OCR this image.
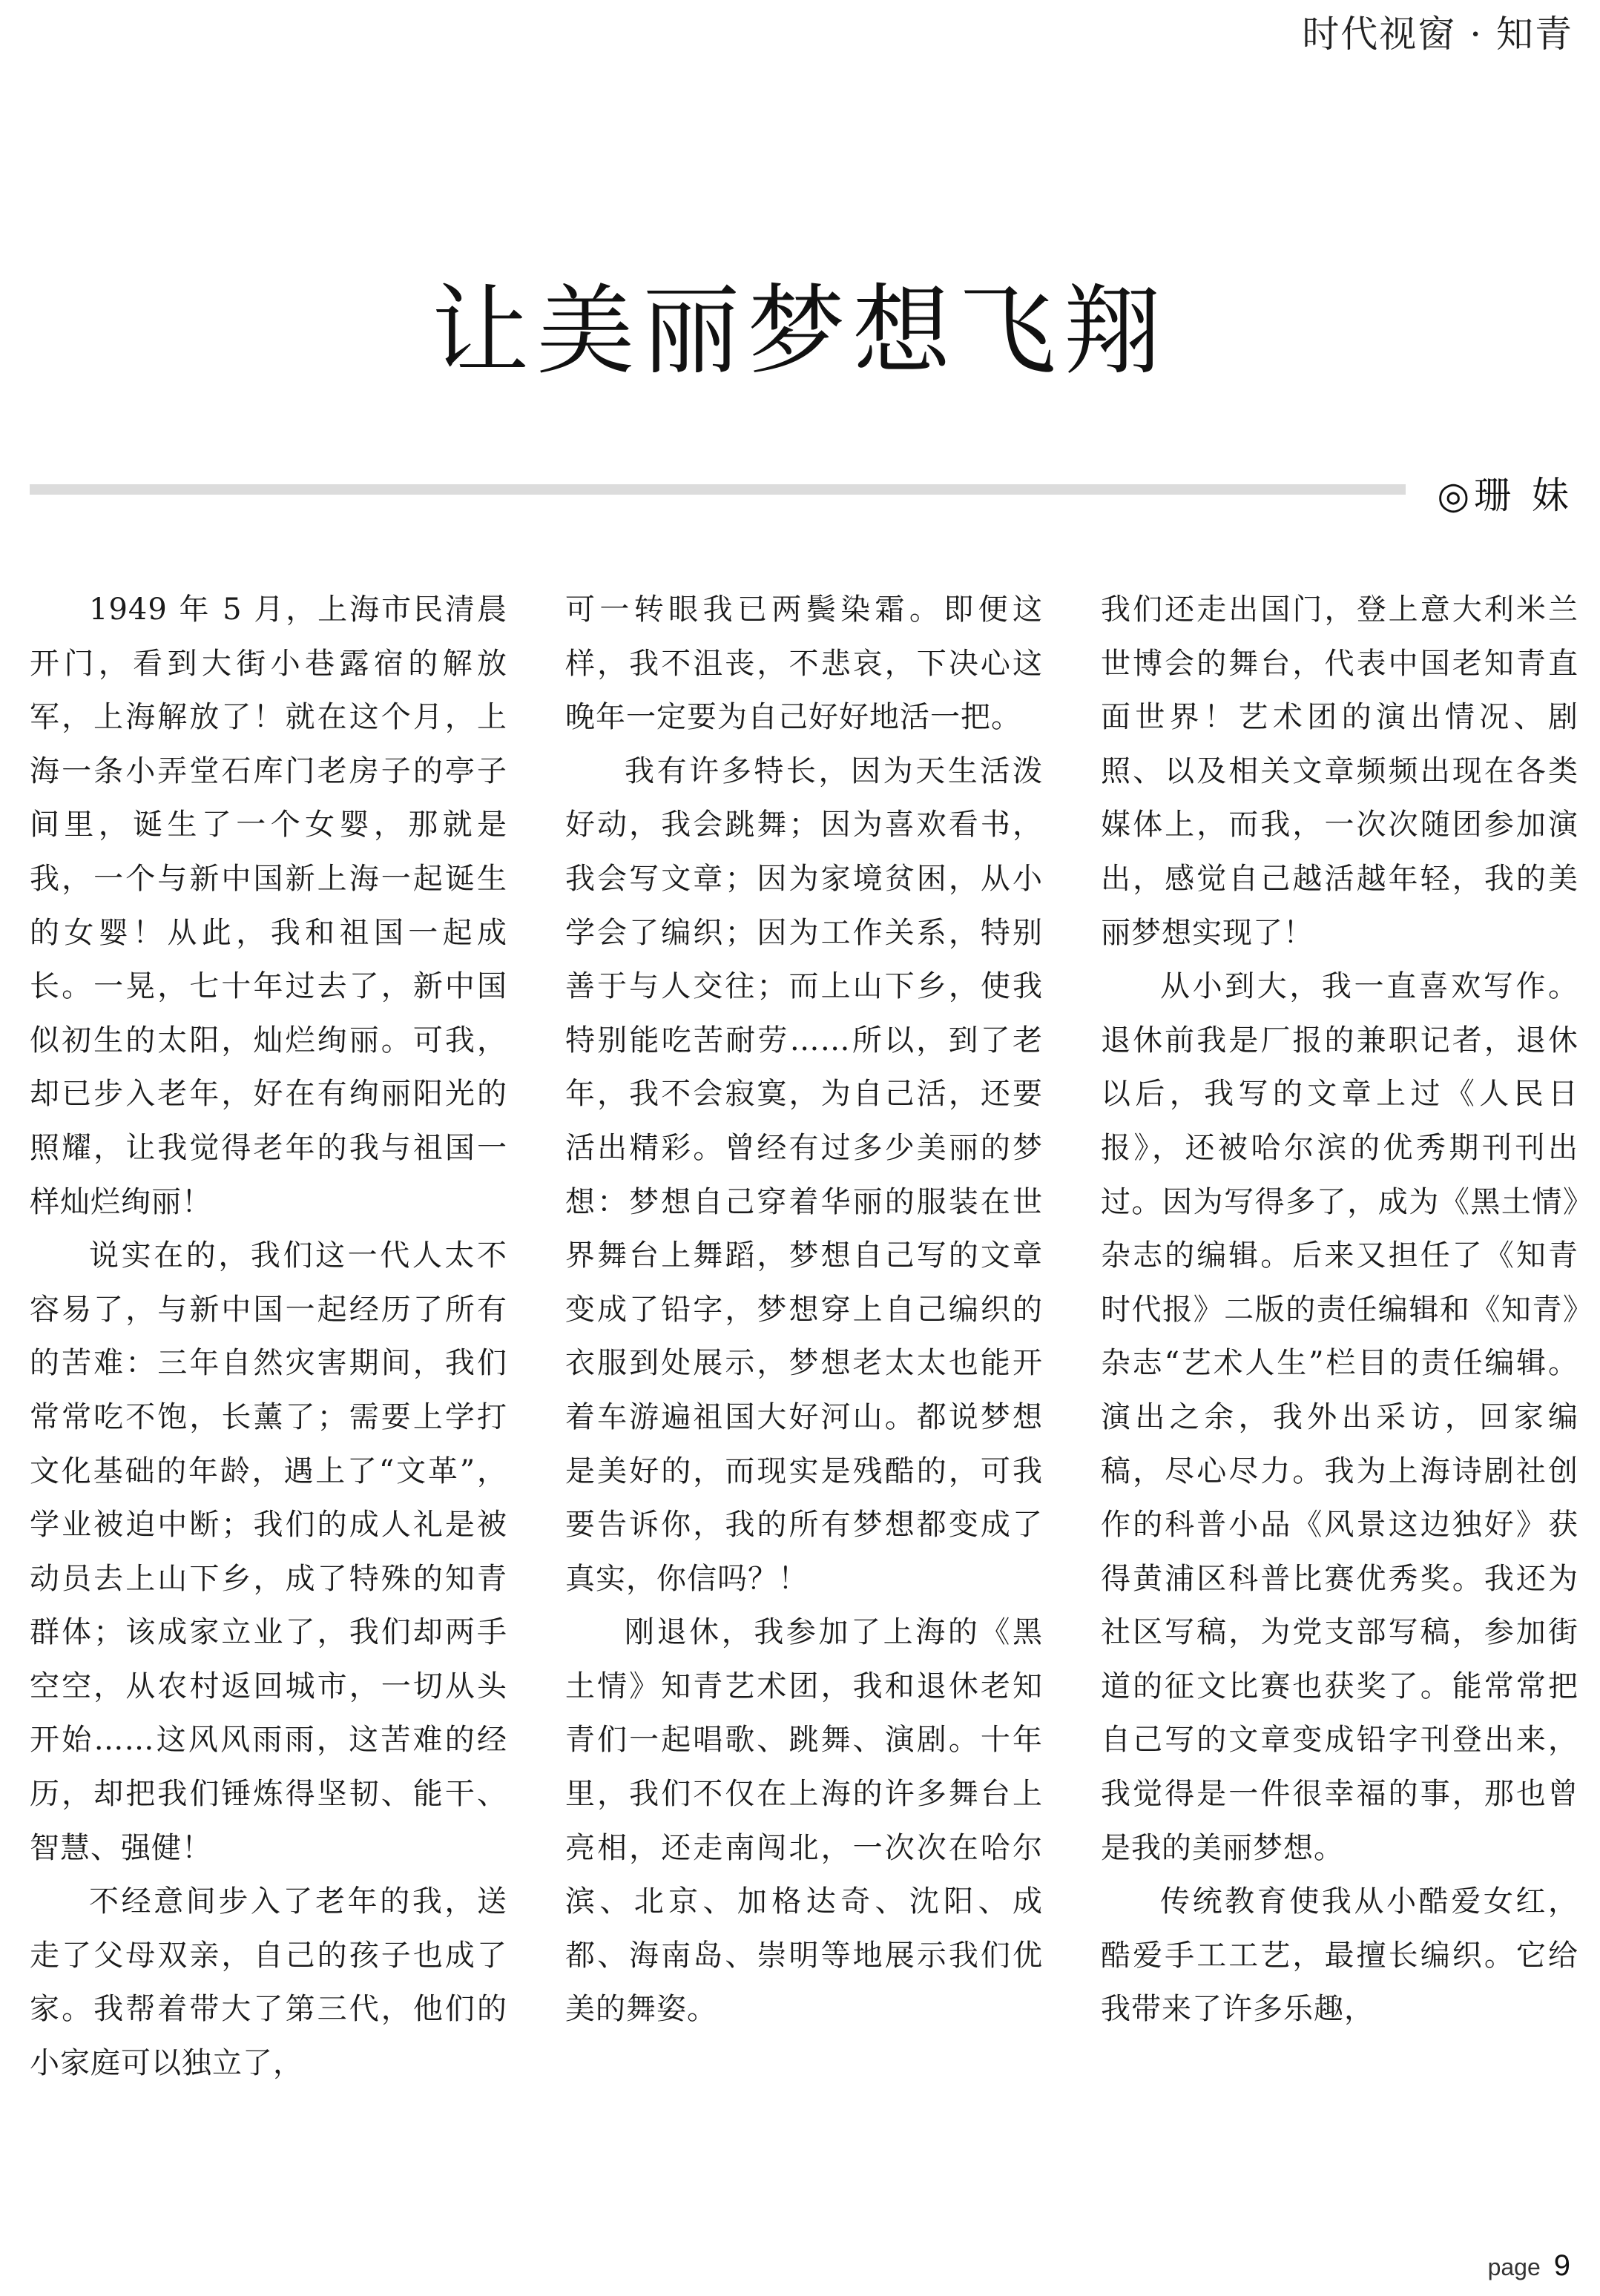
时代视窗 · 知青
让美丽梦想飞翔
◎珊 妹

1949 年 5 月，上海市民清晨开门，看到大街小巷露宿的解放军，上海解放了！就在这个月，上海一条小弄堂石库门老房子的亭子间里，诞生了一个女婴，那就是我，一个与新中国新上海一起诞生的女婴！从此，我和祖国一起成长。一晃，七十年过去了，新中国似初生的太阳，灿烂绚丽。可我，却已步入老年，好在有绚丽阳光的照耀，让我觉得老年的我与祖国一样灿烂绚丽！

说实在的，我们这一代人太不容易了，与新中国一起经历了所有的苦难：三年自然灾害期间，我们常常吃不饱，长薰了；需要上学打文化基础的年龄，遇上了“文革”，学业被迫中断；我们的成人礼是被动员去上山下乡，成了特殊的知青群体；该成家立业了，我们却两手空空，从农村返回城市，一切从头开始……这风风雨雨，这苦难的经历，却把我们锤炼得坚韧、能干、智慧、强健！

不经意间步入了老年的我，送走了父母双亲，自己的孩子也成了家。我帮着带大了第三代，他们的小家庭可以独立了，

可一转眼我已两鬓染霜。即便这样，我不沮丧，不悲哀，下决心这晚年一定要为自己好好地活一把。

我有许多特长，因为天生活泼好动，我会跳舞；因为喜欢看书，我会写文章；因为家境贫困，从小学会了编织；因为工作关系，特别善于与人交往；而上山下乡，使我特别能吃苦耐劳……所以，到了老年，我不会寂寞，为自己活，还要活出精彩。曾经有过多少美丽的梦想：梦想自己穿着华丽的服装在世界舞台上舞蹈，梦想自己写的文章变成了铅字，梦想穿上自己编织的衣服到处展示，梦想老太太也能开着车游遍祖国大好河山。都说梦想是美好的，而现实是残酷的，可我要告诉你，我的所有梦想都变成了真实，你信吗？！

刚退休，我参加了上海的《黑土情》知青艺术团，我和退休老知青们一起唱歌、跳舞、演剧。十年里，我们不仅在上海的许多舞台上亮相，还走南闯北，一次次在哈尔滨、北京、加格达奇、沈阳、成都、海南岛、崇明等地展示我们优美的舞姿。

我们还走出国门，登上意大利米兰世博会的舞台，代表中国老知青直面世界！艺术团的演出情况、剧照、以及相关文章频频出现在各类媒体上，而我，一次次随团参加演出，感觉自己越活越年轻，我的美丽梦想实现了！

从小到大，我一直喜欢写作。退休前我是厂报的兼职记者，退休以后，我写的文章上过《人民日报》，还被哈尔滨的优秀期刊刊出过。因为写得多了，成为《黑土情》杂志的编辑。后来又担任了《知青时代报》二版的责任编辑和《知青》杂志“艺术人生”栏目的责任编辑。演出之余，我外出采访，回家编稿，尽心尽力。我为上海诗剧社创作的科普小品《风景这边独好》获得黄浦区科普比赛优秀奖。我还为社区写稿，为党支部写稿，参加街道的征文比赛也获奖了。能常常把自己写的文章变成铅字刊登出来，我觉得是一件很幸福的事，那也曾是我的美丽梦想。

传统教育使我从小酷爱女红，酷爱手工工艺，最擅长编织。它给我带来了许多乐趣，

page 9
